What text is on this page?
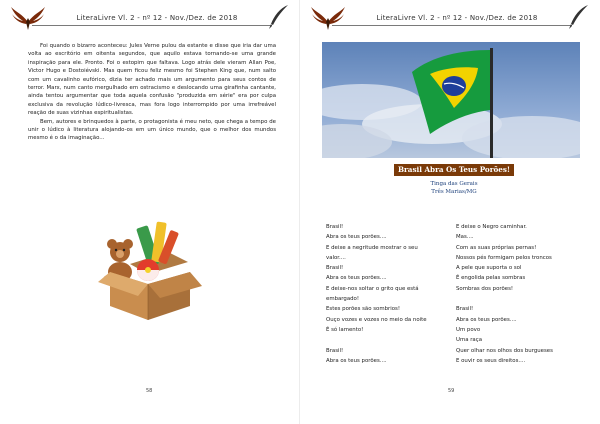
LiteraLivre Vl. 2 - nº 12 - Nov./Dez. de 2018

Foi quando o bizarro aconteceu: Jules Verne pulou da estante e disse que iria dar uma volta ao escritório em oitenta segundos, que aquilo estava tornando-se uma grande inspiração para ele. Pronto. Foi o estopim que faltava. Logo atrás dele vieram Allan Poe, Victor Hugo e Dostoiévski. Mas quem ficou feliz mesmo foi Stephen King que, num salto com um cavalinho eufórico, dizia ter achado mais um argumento para seus contos de terror. Marx, num canto mergulhado em ostracismo e deslocando uma girafinha cantante, ainda tentou argumentar que toda aquela confusão "produzida em série" era por culpa exclusiva da revolução lúdico-livresca, mas fora logo interrompido por uma irrefreável reação de suas vizinhas espiritualistas.

Bem, autores e brinquedos à parte, o protagonista é meu neto, que chega a tempo de unir o lúdico à literatura alojando-os em um único mundo, que o melhor dos mundos mesmo é o da imaginação...

58
LiteraLivre Vl. 2 - nº 12 - Nov./Dez. de 2018
Brasil Abra Os Teus Porões!
Tinga das Gerais
Três Marias/MG
Brasil!
Abra os teus porões....
E deixe a negritude mostrar o seu
valor....
Brasil!
Abra os teus porões....
E deixe-nos soltar o grito que está
embargado!
Estes porões são sombrios!
Ouço vozes e vozes no meio da noite
É só lamento!
Brasil!
Abra os teus porões....
E deixe o Negro caminhar.
Mas....
Com as suas próprias pernas!
Nossos pés formigam pelos troncos
A pele que suporta o sol
É engolida pelas sombras
Sombras dos porões!
Brasil!
Abra os teus porões....
Um povo
Uma raça
Quer olhar nos olhos dos burgueses
E ouvir os seus direitos....
59
